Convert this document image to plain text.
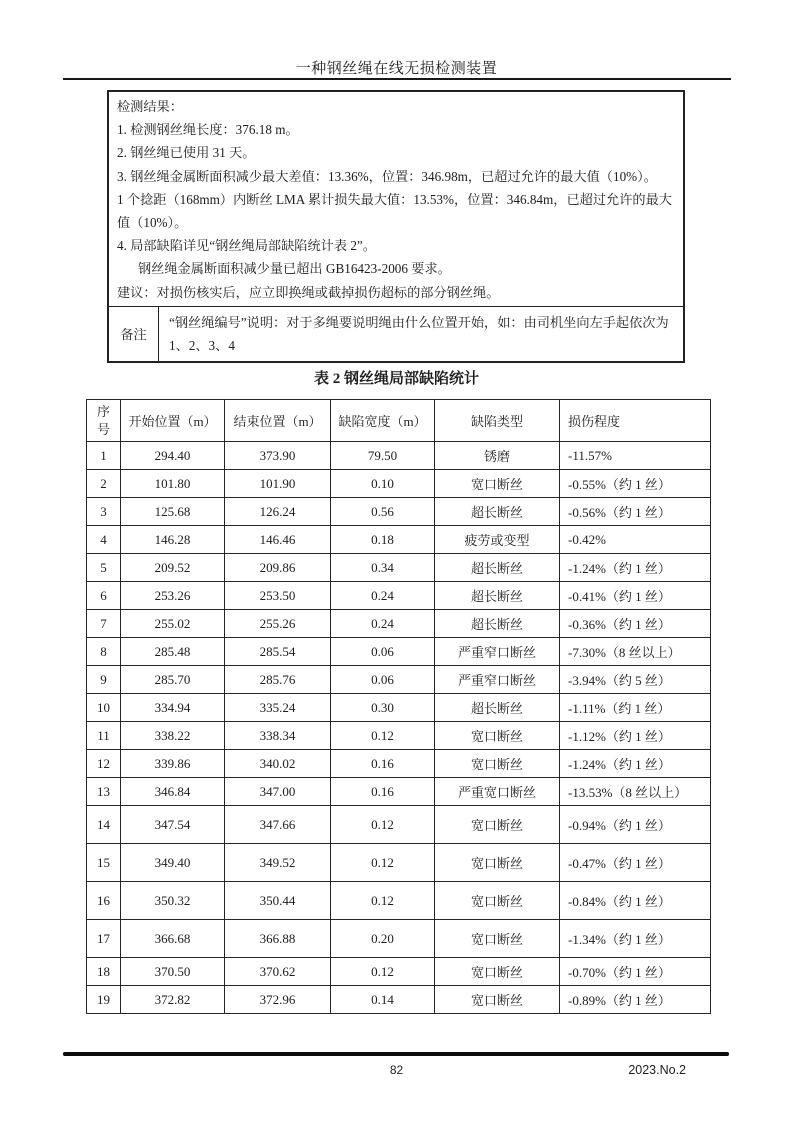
一种钢丝绳在线无损检测装置

检测结果：

1. 检测钢丝绳长度：376.18 m。

2. 钢丝绳已使用 31 天。

3. 钢丝绳金属断面积减少最大差值：13.36%，位置：346.98m，已超过允许的最大值（10%）。

1 个捻距（168mm）内断丝 LMA 累计损失最大值：13.53%，位置：346.84m，已超过允许的最大值（10%）。

4. 局部缺陷详见“钢丝绳局部缺陷统计表 2”。

钢丝绳金属断面积减少量已超出 GB16423-2006 要求。

建议：对损伤核实后，应立即换绳或截掉损伤超标的部分钢丝绳。

备注
“钢丝绳编号”说明：对于多绳要说明绳由什么位置开始，如：由司机坐向左手起依次为 1、2、3、4
表 2 钢丝绳局部缺陷统计
序号	开始位置（m）	结束位置（m）	缺陷宽度（m）	缺陷类型	损伤程度
1	294.40	373.90	79.50	锈磨	-11.57%
2	101.80	101.90	0.10	宽口断丝	-0.55%（约 1 丝）
3	125.68	126.24	0.56	超长断丝	-0.56%（约 1 丝）
4	146.28	146.46	0.18	疲劳或变型	-0.42%
5	209.52	209.86	0.34	超长断丝	-1.24%（约 1 丝）
6	253.26	253.50	0.24	超长断丝	-0.41%（约 1 丝）
7	255.02	255.26	0.24	超长断丝	-0.36%（约 1 丝）
8	285.48	285.54	0.06	严重窄口断丝	-7.30%（8 丝以上）
9	285.70	285.76	0.06	严重窄口断丝	-3.94%（约 5 丝）
10	334.94	335.24	0.30	超长断丝	-1.11%（约 1 丝）
11	338.22	338.34	0.12	宽口断丝	-1.12%（约 1 丝）
12	339.86	340.02	0.16	宽口断丝	-1.24%（约 1 丝）
13	346.84	347.00	0.16	严重宽口断丝	-13.53%（8 丝以上）
14	347.54	347.66	0.12	宽口断丝	-0.94%（约 1 丝）
15	349.40	349.52	0.12	宽口断丝	-0.47%（约 1 丝）
16	350.32	350.44	0.12	宽口断丝	-0.84%（约 1 丝）
17	366.68	366.88	0.20	宽口断丝	-1.34%（约 1 丝）
18	370.50	370.62	0.12	宽口断丝	-0.70%（约 1 丝）
19	372.82	372.96	0.14	宽口断丝	-0.89%（约 1 丝）
82	2023.No.2
